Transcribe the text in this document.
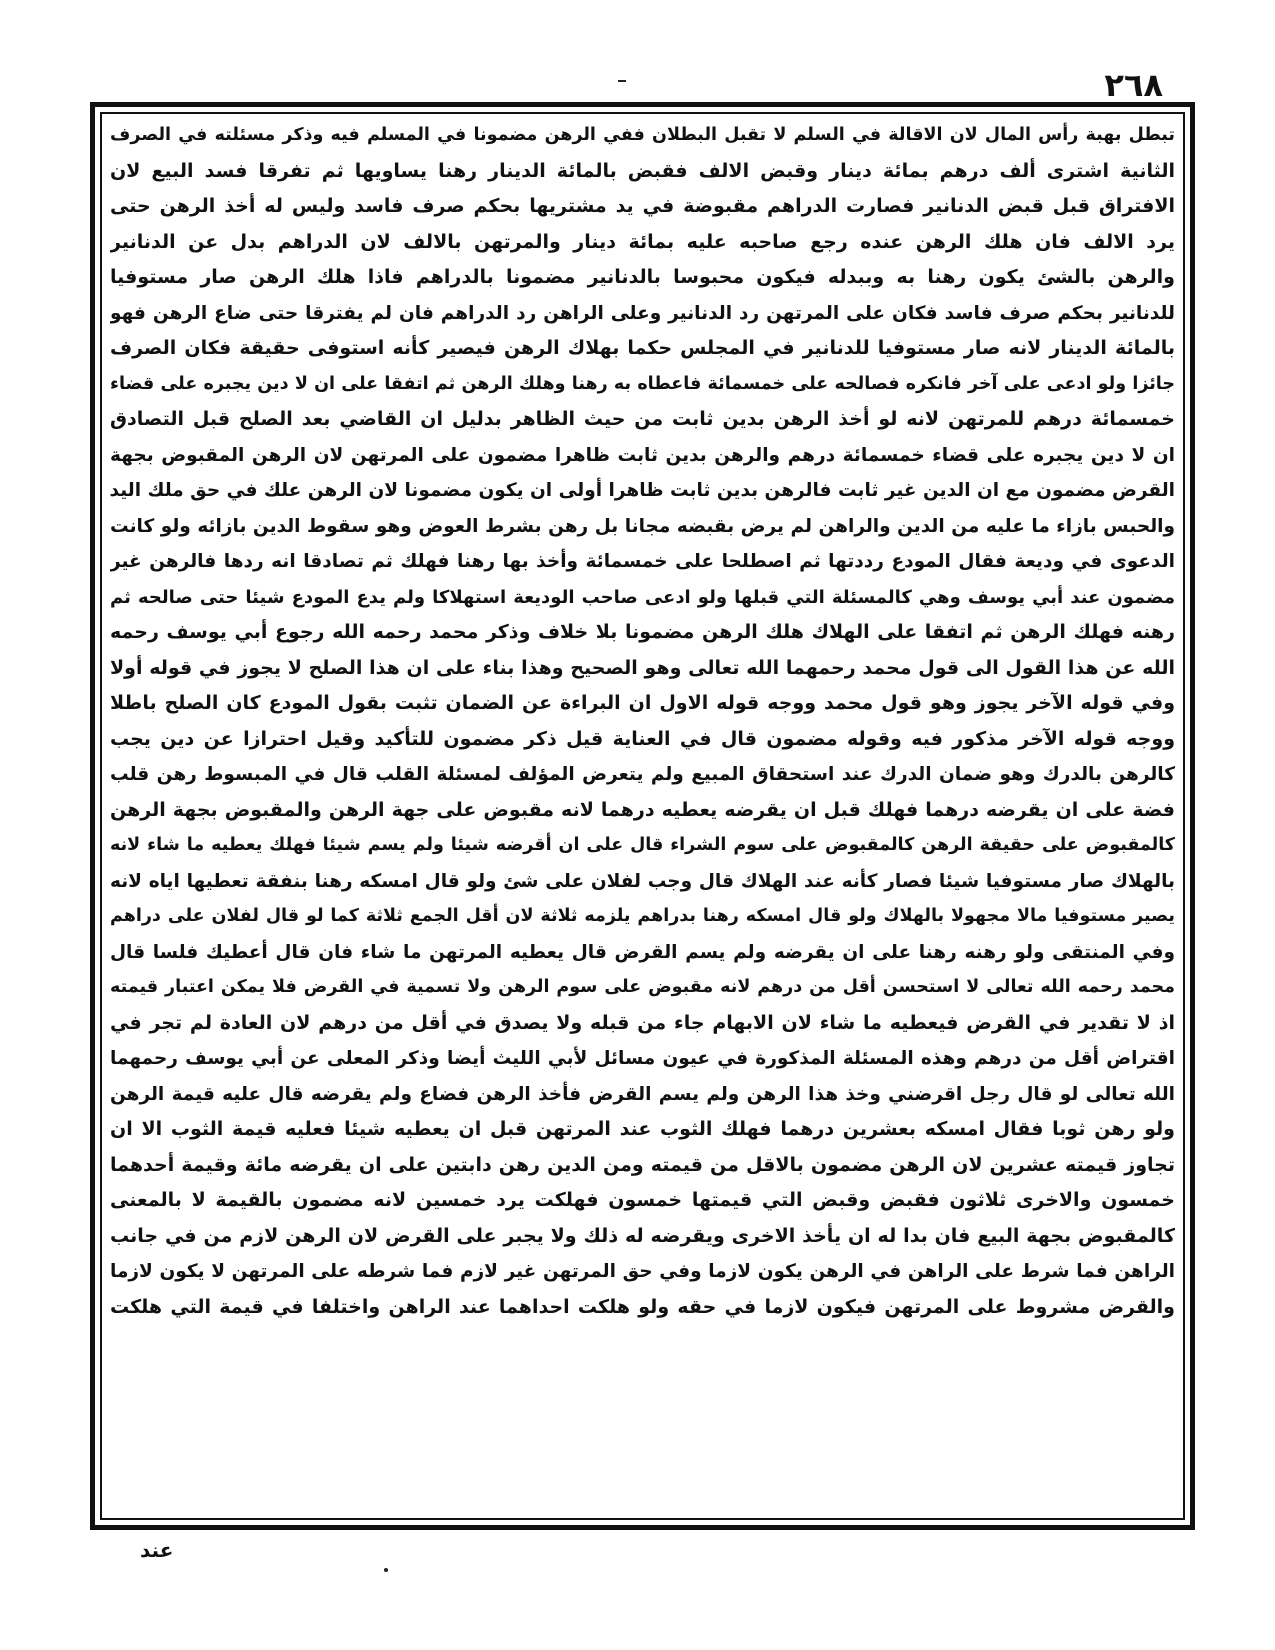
٢٦٨
تبطل بهبة رأس المال لان الاقالة في السلم لا تقبل البطلان ففي الرهن مضمونا في المسلم فيه وذكر مسئلته في الصرف
الثانية اشترى ألف درهم بمائة دينار وقبض الالف فقبض بالمائة الدينار رهنا يساويها ثم تفرقا فسد البيع لان
الافتراق قبل قبض الدنانير فصارت الدراهم مقبوضة في يد مشتريها بحكم صرف فاسد وليس له أخذ الرهن حتى
يرد الالف فان هلك الرهن عنده رجع صاحبه عليه بمائة دينار والمرتهن بالالف لان الدراهم بدل عن الدنانير
والرهن بالشئ يكون رهنا به وببدله فيكون محبوسا بالدنانير مضمونا بالدراهم فاذا هلك الرهن صار مستوفيا
للدنانير بحكم صرف فاسد فكان على المرتهن رد الدنانير وعلى الراهن رد الدراهم فان لم يفترقا حتى ضاع الرهن فهو
بالمائة الدينار لانه صار مستوفيا للدنانير في المجلس حكما بهلاك الرهن فيصير كأنه استوفى حقيقة فكان الصرف
جائزا ولو ادعى على آخر فانكره فصالحه على خمسمائة فاعطاه به رهنا وهلك الرهن ثم اتفقا على ان لا دين يجبره على قضاء
خمسمائة درهم للمرتهن لانه لو أخذ الرهن بدين ثابت من حيث الظاهر بدليل ان القاضي بعد الصلح قبل التصادق
ان لا دين يجبره على قضاء خمسمائة درهم والرهن بدين ثابت ظاهرا مضمون على المرتهن لان الرهن المقبوض بجهة
القرض مضمون مع ان الدين غير ثابت فالرهن بدين ثابت ظاهرا أولى ان يكون مضمونا لان الرهن علك في حق ملك اليد
والحبس بازاء ما عليه من الدين والراهن لم يرض بقبضه مجانا بل رهن بشرط العوض وهو سقوط الدين بازائه ولو كانت
الدعوى في وديعة فقال المودع رددتها ثم اصطلحا على خمسمائة وأخذ بها رهنا فهلك ثم تصادقا انه ردها فالرهن غير
مضمون عند أبي يوسف وهي كالمسئلة التي قبلها ولو ادعى صاحب الوديعة استهلاكا ولم يدع المودع شيئا حتى صالحه ثم
رهنه فهلك الرهن ثم اتفقا على الهلاك هلك الرهن مضمونا بلا خلاف وذكر محمد رحمه الله رجوع أبي يوسف رحمه
الله عن هذا القول الى قول محمد رحمهما الله تعالى وهو الصحيح وهذا بناء على ان هذا الصلح لا يجوز في قوله أولا
وفي قوله الآخر يجوز وهو قول محمد ووجه قوله الاول ان البراءة عن الضمان تثبت بقول المودع كان الصلح باطلا
ووجه قوله الآخر مذكور فيه وقوله مضمون قال في العناية قيل ذكر مضمون للتأكيد وقيل احترازا عن دين يجب
كالرهن بالدرك وهو ضمان الدرك عند استحقاق المبيع ولم يتعرض المؤلف لمسئلة القلب قال في المبسوط رهن قلب
فضة على ان يقرضه درهما فهلك قبل ان يقرضه يعطيه درهما لانه مقبوض على جهة الرهن والمقبوض بجهة الرهن
كالمقبوض على حقيقة الرهن كالمقبوض على سوم الشراء قال على ان أقرضه شيئا ولم يسم شيئا فهلك يعطيه ما شاء لانه
بالهلاك صار مستوفيا شيئا فصار كأنه عند الهلاك قال وجب لفلان على شئ ولو قال امسكه رهنا بنفقة تعطيها اياه لانه
يصير مستوفيا مالا مجهولا بالهلاك ولو قال امسكه رهنا بدراهم يلزمه ثلاثة لان أقل الجمع ثلاثة كما لو قال لفلان على دراهم
وفي المنتقى ولو رهنه رهنا على ان يقرضه ولم يسم القرض قال يعطيه المرتهن ما شاء فان قال أعطيك فلسا قال
محمد رحمه الله تعالى لا استحسن أقل من درهم لانه مقبوض على سوم الرهن ولا تسمية في القرض فلا يمكن اعتبار قيمته
اذ لا تقدير في القرض فيعطيه ما شاء لان الابهام جاء من قبله ولا يصدق في أقل من درهم لان العادة لم تجر في
اقتراض أقل من درهم وهذه المسئلة المذكورة في عيون مسائل لأبي الليث أيضا وذكر المعلى عن أبي يوسف رحمهما
الله تعالى لو قال رجل اقرضني وخذ هذا الرهن ولم يسم القرض فأخذ الرهن فضاع ولم يقرضه قال عليه قيمة الرهن
ولو رهن ثوبا فقال امسكه بعشرين درهما فهلك الثوب عند المرتهن قبل ان يعطيه شيئا فعليه قيمة الثوب الا ان
تجاوز قيمته عشرين لان الرهن مضمون بالاقل من قيمته ومن الدين رهن دابتين على ان يقرضه مائة وقيمة أحدهما
خمسون والاخرى ثلاثون فقبض وقبض التي قيمتها خمسون فهلكت يرد خمسين لانه مضمون بالقيمة لا بالمعنى
كالمقبوض بجهة البيع فان بدا له ان يأخذ الاخرى ويقرضه له ذلك ولا يجبر على القرض لان الرهن لازم من في جانب
الراهن فما شرط على الراهن في الرهن يكون لازما وفي حق المرتهن غير لازم فما شرطه على المرتهن لا يكون لازما
والقرض مشروط على المرتهن فيكون لازما في حقه ولو هلكت احداهما عند الراهن واختلفا في قيمة التي هلكت
عند
